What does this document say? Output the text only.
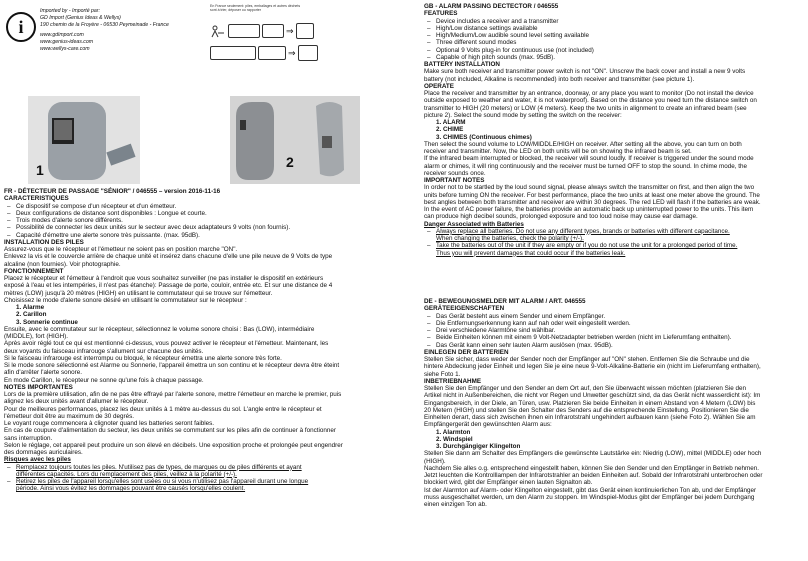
i
Imported by - Importé par:
GD Import (Genius Ideas & Wellys)
190 chemin de la Froyère - 06530 Peymeinade - France
www.gdimport.com
www.genius-ideas.com
www.wellys-care.com
En France seulement: piles, emballages et autres déchets
sont à trier, déposer ou rapporter
⇒
⇒
1	2
FR - DÉTECTEUR DE PASSAGE "SÉNIOR" / 046555 – version 2016-11-16
CARACTERISTIQUES
– Ce dispositif se compose d'un récepteur et d'un émetteur.
– Deux configurations de distance sont disponibles : Longue et courte.
– Trois modes d'alerte sonore différents.
– Possibilité de connecter les deux unités sur le secteur avec deux adaptateurs 9 volts (non fournis).
– Capacité d'émettre une alerte sonore très puissante. (max. 95dB).
INSTALLATION DES PILES
Assurez-vous que le récepteur et l'émetteur ne soient pas en position marche "ON".
Enlevez la vis et le couvercle arrière de chaque unité et insérez dans chacune d'elle une pile neuve de 9 Volts de type
alcaline (non fournies). Voir photographie.
FONCTIONNEMENT
Placez le récepteur et l'émetteur à l'endroit que vous souhaitez surveiller (ne pas installer le dispositif en extérieurs
exposé à l'eau et les intempéries, il n'est pas étanche): Passage de porte, couloir, entrée etc. Et sur une distance de 4
mètres (LOW) jusqu'à 20 mètres (HIGH) en utilisant le commutateur qui se trouve sur l'émetteur.
Choisissez le mode d'alerte sonore désiré en utilisant le commutateur sur le récepteur :
1. Alarme
2. Carillon
3. Sonnerie continue
Ensuite, avec le commutateur sur le récepteur, sélectionnez le volume sonore choisi : Bas (LOW), intermédiaire
(MIDDLE), fort (HIGH).
Après avoir réglé tout ce qui est mentionné ci-dessus, vous pouvez activer le récepteur et l'émetteur. Maintenant, les
deux voyants du faisceau infrarouge s'allument sur chacune des unités.
Si le faisceau infrarouge est interrompu ou bloqué, le récepteur émettra une alerte sonore très forte.
Si le mode sonore sélectionné est Alarme ou Sonnerie, l'appareil émettra un son continu et le récepteur devra être éteint
afin d'arrêter l'alerte sonore.
En mode Carillon, le récepteur ne sonne qu'une fois à chaque passage.
NOTES IMPORTANTES
Lors de la première utilisation, afin de ne pas être effrayé par l'alerte sonore, mettre l'émetteur en marche le premier, puis
alignez les deux unités avant d'allumer le récepteur.
Pour de meilleures performances, placez les deux unités à 1 mètre au-dessus du sol. L'angle entre le récepteur et
l'émetteur doit être au maximum de 30 degrés.
Le voyant rouge commencera à clignoter quand les batteries seront faibles.
En cas de coupure d'alimentation du secteur, les deux unités se commutent sur les piles afin de continuer à fonctionner
sans interruption.
Selon le réglage, cet appareil peut produire un son élevé en décibels. Une exposition proche et prolongée peut engendrer
des dommages auriculaires.
Risques avec les piles
– Remplacez toujours toutes les piles. N'utilisez pas de types, de marques ou de piles différents et ayant
différentes capacités. Lors du remplacement des piles, veillez à la polarité (+/-).
– Retirez les piles de l'appareil lorsqu'elles sont usées ou si vous n'utilisez pas l'appareil durant une longue
période. Ainsi vous évitez les dommages pouvant être causés lorsqu'elles coulent.
GB - ALARM PASSING DECTECTOR / 046555
FEATURES
– Device includes a receiver and a transmitter
– High/Low distance settings available
– High/Medium/Low audible sound level setting available
– Three different sound modes
– Optional 9 Volts plug-in for continuous use (not included)
– Capable of high pitch sounds (max. 95dB).
BATTERY INSTALLATION
Make sure both receiver and transmitter power switch is not "ON". Unscrew the back cover and install a new 9 volts
battery (not included, Alkaline is recommended) into both receiver and transmitter (see picture 1).
OPERATE
Place the receiver and transmitter by an entrance, doorway, or any place you want to monitor (Do not install the device
outside exposed to weather and water, it is not waterproof). Based on the distance you need turn the distance switch on
transmitter to HIGH (20 meters) or LOW (4 meters). Keep the two units in alignment to create an infrared beam (see
picture 2). Select the sound mode by setting the switch on the receiver:
1. ALARM
2. CHIME
3. CHIMES (Continuous chimes)
Then select the sound volume to LOW/MIDDLE/HIGH on receiver. After setting all the above, you can turn on both
receiver and transmitter. Now, the LED on both units will be on showing the infrared beam is set.
If the infrared beam interrupted or blocked, the receiver will sound loudly. If receiver is triggered under the sound mode
alarm or chimes, it will ring continuously and the receiver must be turned OFF to stop the sound. In chime mode, the
receiver sounds once.
IMPORTANT NOTES
In order not to be startled by the loud sound signal, please always switch the transmitter on first, and then align the two
units before turning ON the receiver. For best performance, place the two units at least one meter above the ground. The
best angles between both transmitter and receiver are within 30 degrees. The red LED will flash if the batteries are weak.
In the event of AC power failure, the batteries provide an automatic back up uninterrupted power to the units. This item
can produce high decibel sounds, prolonged exposure and too loud noise may cause ear damage.
Danger Associated with Batteries
– Always replace all batteries. Do not use any different types, brands or batteries with different capacitance.
When changing the batteries, check the polarity (+/-).
– Take the batteries out of the unit if they are empty or if you do not use the unit for a prolonged period of time.
Thus you will prevent damages that could occur if the batteries leak.
DE - BEWEGUNGSMELDER MIT ALARM / ART. 046555
GERÄTEEIGENSCHAFTEN
– Das Gerät besteht aus einem Sender und einem Empfänger.
– Die Entfernungserkennung kann auf nah oder weit eingestellt werden.
– Drei verschiedene Alarmtöne sind wählbar.
– Beide Einheiten können mit einem 9 Volt-Netzadapter betrieben werden (nicht im Lieferumfang enthalten).
– Das Gerät kann einen sehr lauten Alarm auslösen (max. 95dB).
EINLEGEN DER BATTERIEN
Stellen Sie sicher, dass weder der Sender noch der Empfänger auf "ON" stehen. Entfernen Sie die Schraube und die
hintere Abdeckung jeder Einheit und legen Sie je eine neue 9-Volt-Alkaline-Batterie ein (nicht im Lieferumfang enthalten),
siehe Foto 1.
INBETRIEBNAHME
Stellen Sie den Empfänger und den Sender an dem Ort auf, den Sie überwacht wissen möchten (platzieren Sie den
Artikel nicht in Außenbereichen, die nicht vor Regen und Unwetter geschützt sind, da das Gerät nicht wasserdicht ist): Im
Eingangsbereich, in der Diele, an Türen, usw. Platzieren Sie beide Einheiten in einem Abstand von 4 Metern (LOW) bis
20 Metern (HIGH) und stellen Sie den Schalter des Senders auf die entsprechende Einstellung. Positionieren Sie die
Einheiten derart, dass sich zwischen ihnen ein Infrarotstrahl ungehindert aufbauen kann (siehe Foto 2). Wählen Sie am
Empfängergerät den gewünschten Alarm aus:
1. Alarmton
2. Windspiel
3. Durchgängiger Klingelton
Stellen Sie dann am Schalter des Empfängers die gewünschte Lautstärke ein: Niedrig (LOW), mittel (MIDDLE) oder hoch
(HIGH).
Nachdem Sie alles o.g. entsprechend eingestellt haben, können Sie den Sender und den Empfänger in Betrieb nehmen.
Jetzt leuchten die Kontrolllampen der Infrarotstrahler an beiden Einheiten auf. Sobald der Infrarotstrahl unterbrochen oder
blockiert wird, gibt der Empfänger einen lauten Signalton ab.
Ist der Alarmton auf Alarm- oder Klingelton eingestellt, gibt das Gerät einen kontinuierlichen Ton ab, und der Empfänger
muss ausgeschaltet werden, um den Alarm zu stoppen. Im Windspiel-Modus gibt der Empfänger bei jedem Durchgang
einen einzigen Ton ab.
